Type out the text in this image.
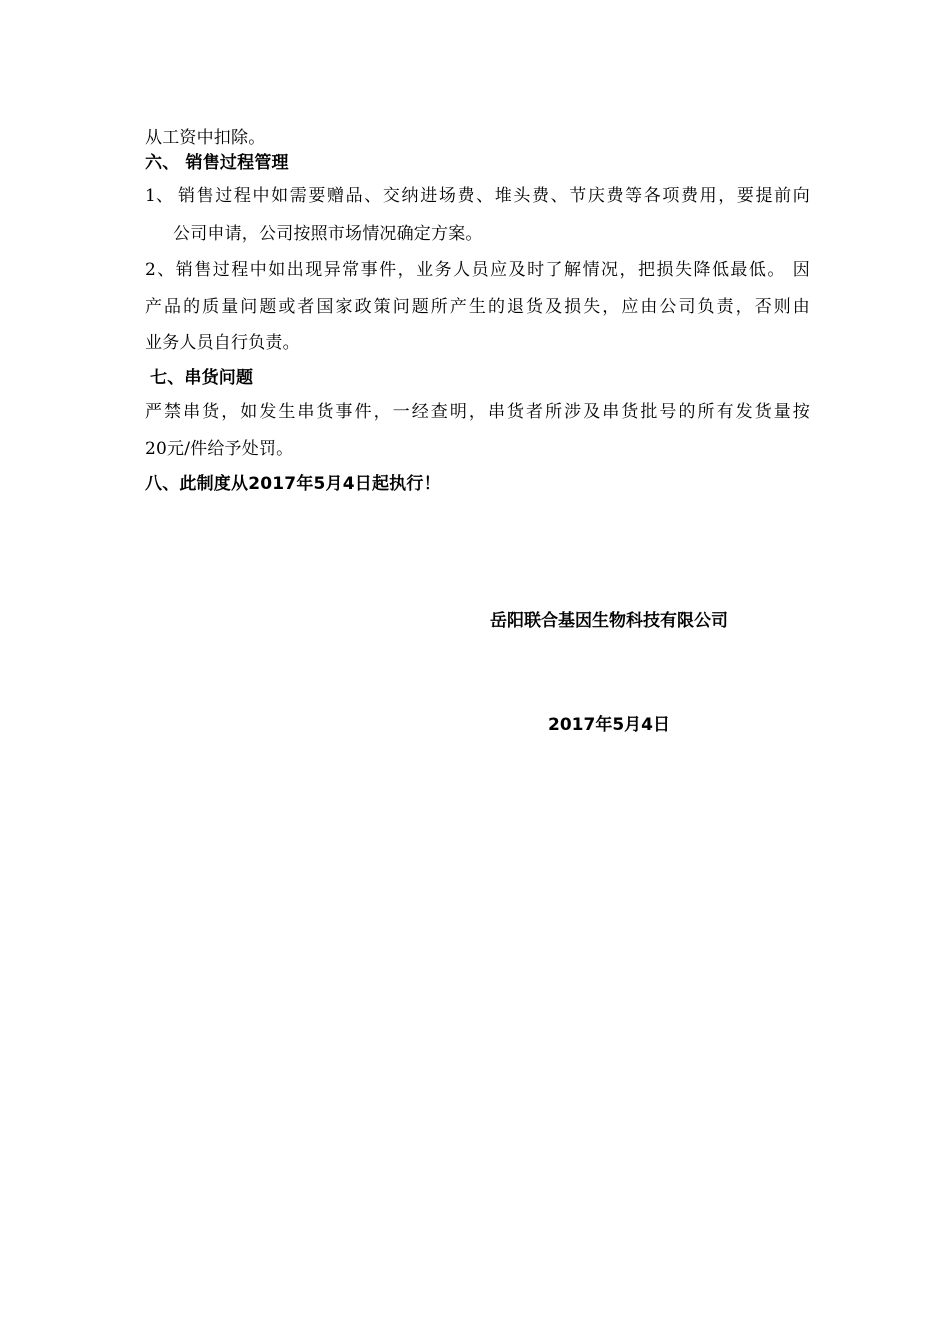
从工资中扣除。
六、 销售过程管理
1、 销售过程中如需要赠品、交纳进场费、堆头费、节庆费等各项费用，要提前向
公司申请，公司按照市场情况确定方案。
2、销售过程中如出现异常事件，业务人员应及时了解情况，把损失降低最低。 因
产品的质量问题或者国家政策问题所产生的退货及损失，应由公司负责，否则由
业务人员自行负责。
七、串货问题
严禁串货，如发生串货事件，一经查明，串货者所涉及串货批号的所有发货量按
20元/件给予处罚。
八、此制度从2017年5月4日起执行！
岳阳联合基因生物科技有限公司
2017年5月4日
